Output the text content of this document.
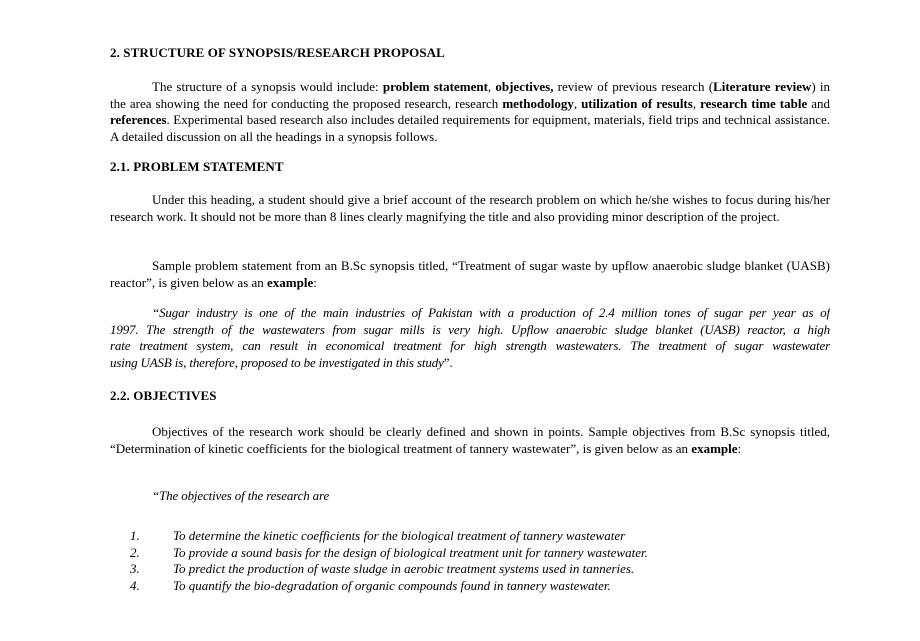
2. STRUCTURE OF SYNOPSIS/RESEARCH PROPOSAL

The structure of a synopsis would include: problem statement, objectives, review of previous research (Literature review) in the area showing the need for conducting the proposed research, research methodology, utilization of results, research time table and references. Experimental based research also includes detailed requirements for equipment, materials, field trips and technical assistance. A detailed discussion on all the headings in a synopsis follows.

2.1. PROBLEM STATEMENT

Under this heading, a student should give a brief account of the research problem on which he/she wishes to focus during his/her research work. It should not be more than 8 lines clearly magnifying the title and also providing minor description of the project.

Sample problem statement from an B.Sc synopsis titled, “Treatment of sugar waste by upflow anaerobic sludge blanket (UASB) reactor”, is given below as an example:

“Sugar industry is one of the main industries of Pakistan with a production of 2.4 million tones of sugar per year as of
1997. The strength of the wastewaters from sugar mills is very high. Upflow anaerobic sludge blanket (UASB) reactor, a high
rate treatment system, can result in economical treatment for high strength wastewaters. The treatment of sugar wastewater
using UASB is, therefore, proposed to be investigated in this study”.
2.2. OBJECTIVES

Objectives of the research work should be clearly defined and shown in points. Sample objectives from B.Sc synopsis titled, “Determination of kinetic coefficients for the biological treatment of tannery wastewater”, is given below as an example:

“The objectives of the research are

1.	To determine the kinetic coefficients for the biological treatment of tannery wastewater
2.	To provide a sound basis for the design of biological treatment unit for tannery wastewater.
3.	To predict the production of waste sludge in aerobic treatment systems used in tanneries.
4.	To quantify the bio-degradation of organic compounds found in tannery wastewater.
